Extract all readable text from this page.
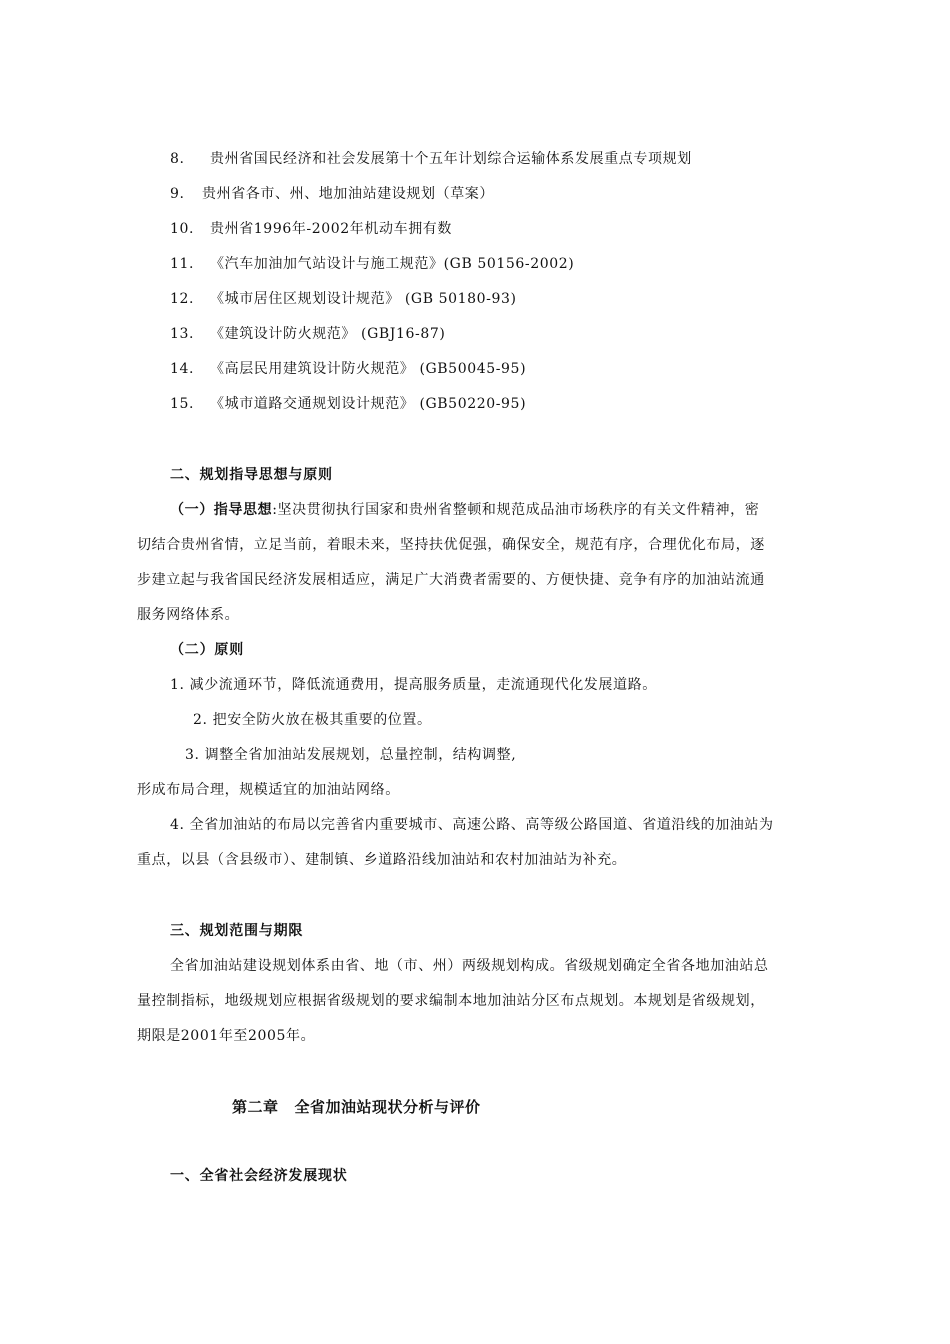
8. 贵州省国民经济和社会发展第十个五年计划综合运输体系发展重点专项规划
9. 贵州省各市、州、地加油站建设规划（草案）
10. 贵州省1996年-2002年机动车拥有数
11. 《汽车加油加气站设计与施工规范》(GB 50156-2002)
12. 《城市居住区规划设计规范》 (GB 50180-93)
13. 《建筑设计防火规范》 (GBJ16-87)
14. 《高层民用建筑设计防火规范》 (GB50045-95)
15. 《城市道路交通规划设计规范》 (GB50220-95)
二、规划指导思想与原则
（一）指导思想:坚决贯彻执行国家和贵州省整顿和规范成品油市场秩序的有关文件精神，密
切结合贵州省情，立足当前，着眼未来，坚持扶优促强，确保安全，规范有序，合理优化布局，逐
步建立起与我省国民经济发展相适应，满足广大消费者需要的、方便快捷、竞争有序的加油站流通
服务网络体系。
（二）原则
1. 减少流通环节，降低流通费用，提高服务质量，走流通现代化发展道路。
2. 把安全防火放在极其重要的位置。
3. 调整全省加油站发展规划，总量控制，结构调整,
形成布局合理，规模适宜的加油站网络。
4. 全省加油站的布局以完善省内重要城市、高速公路、高等级公路国道、省道沿线的加油站为
重点，以县（含县级市）、建制镇、乡道路沿线加油站和农村加油站为补充。
三、规划范围与期限
全省加油站建设规划体系由省、地（市、州）两级规划构成。省级规划确定全省各地加油站总
量控制指标，地级规划应根据省级规划的要求编制本地加油站分区布点规划。本规划是省级规划，
期限是2001年至2005年。
第二章 全省加油站现状分析与评价
一、全省社会经济发展现状
